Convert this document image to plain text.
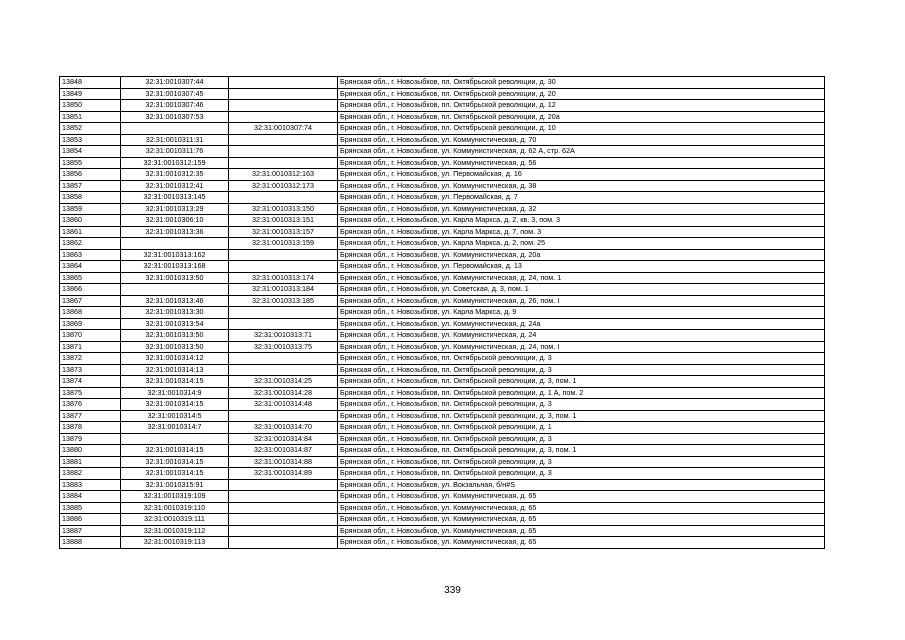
13848	32:31:0010307:44		Брянская обл., г. Новозыбков, пл. Октябрьской революции, д. 30
13849	32:31:0010307:45		Брянская обл., г. Новозыбков, пл. Октябрьской революции, д. 20
13850	32:31:0010307:46		Брянская обл., г. Новозыбков, пл. Октябрьской революции, д. 12
13851	32:31:0010307:53		Брянская обл., г. Новозыбков, пл. Октябрьской революции, д. 20а
13852		32:31:0010307:74	Брянская обл., г. Новозыбков, пл. Октябрьской революции, д. 10
13853	32:31:0010311:31		Брянская обл., г. Новозыбков, ул. Коммунистическая, д. 70
13854	32:31:0010311:76		Брянская обл., г. Новозыбков, ул. Коммунистическая, д. 62 А, стр. 62А
13855	32:31:0010312:159		Брянская обл., г. Новозыбков, ул. Коммунистическая, д. 56
13856	32:31:0010312:35	32:31:0010312:163	Брянская обл., г. Новозыбков, ул. Первомайская, д. 16
13857	32:31:0010312:41	32:31:0010312:173	Брянская обл., г. Новозыбков, ул. Коммунистическая, д. 38
13858	32:31:0010313:145		Брянская обл., г. Новозыбков, ул. Первомайская, д. 7
13859	32:31:0010313:29	32:31:0010313:150	Брянская обл., г. Новозыбков, ул. Коммунистическая, д. 32
13860	32:31:0010306:10	32:31:0010313:151	Брянская обл., г. Новозыбков, ул. Карла Маркса, д. 2, кв. 3, пом. 3
13861	32:31:0010313:36	32:31:0010313:157	Брянская обл., г. Новозыбков, ул. Карла Маркса, д. 7, пом. 3
13862		32:31:0010313:159	Брянская обл., г. Новозыбков, ул. Карла Маркса, д. 2, пом. 25
13863	32:31:0010313:162		Брянская обл., г. Новозыбков, ул. Коммунистическая, д. 20а
13864	32:31:0010313:168		Брянская обл., г. Новозыбков, ул. Первомайская, д. 13
13865	32:31:0010313:50	32:31:0010313:174	Брянская обл., г. Новозыбков, ул. Коммунистическая, д. 24, пом. 1
13866		32:31:0010313:184	Брянская обл., г. Новозыбков, ул. Советская, д. 3, пом. 1
13867	32:31:0010313:46	32:31:0010313:185	Брянская обл., г. Новозыбков, ул. Коммунистическая, д. 26, пом. I
13868	32:31:0010313:30		Брянская обл., г. Новозыбков, ул. Карла Маркса, д. 9
13869	32:31:0010313:54		Брянская обл., г. Новозыбков, ул. Коммунистическая, д. 24а
13870	32:31:0010313:50	32:31:0010313:71	Брянская обл., г. Новозыбков, ул. Коммунистическая, д. 24
13871	32:31:0010313:50	32:31:0010313:75	Брянская обл., г. Новозыбков, ул. Коммунистическая, д. 24, пом. I
13872	32:31:0010314:12		Брянская обл., г. Новозыбков, пл. Октябрьской революции, д. 3
13873	32:31:0010314:13		Брянская обл., г. Новозыбков, пл. Октябрьской революции, д. 3
13874	32:31:0010314:15	32:31:0010314:25	Брянская обл., г. Новозыбков, пл. Октябрьской революции, д. 3, пом. 1
13875	32:31:0010314:9	32:31:0010314:28	Брянская обл., г. Новозыбков, пл. Октябрьской революции, д. 1 А, пом. 2
13876	32:31:0010314:15	32:31:0010314:48	Брянская обл., г. Новозыбков, пл. Октябрьской революции, д. 3
13877	32:31:0010314:5		Брянская обл., г. Новозыбков, пл. Октябрьской революции, д. 3, пом. 1
13878	32:31:0010314:7	32:31:0010314:70	Брянская обл., г. Новозыбков, пл. Октябрьской революции, д. 1
13879		32:31:0010314:84	Брянская обл., г. Новозыбков, пл. Октябрьской революции, д. 3
13880	32:31:0010314:15	32:31:0010314:87	Брянская обл., г. Новозыбков, пл. Октябрьской революции, д. 3, пом. 1
13881	32:31:0010314:15	32:31:0010314:88	Брянская обл., г. Новозыбков, пл. Октябрьской революции, д. 3
13882	32:31:0010314:15	32:31:0010314:89	Брянская обл., г. Новозыбков, пл. Октябрьской революции, д. 3
13883	32:31:0010315:91		Брянская обл., г. Новозыбков, ул. Вокзальная, б/н#S
13884	32:31:0010319:109		Брянская обл., г. Новозыбков, ул. Коммунистическая, д. 65
13885	32:31:0010319:110		Брянская обл., г. Новозыбков, ул. Коммунистическая, д. 65
13886	32:31:0010319:111		Брянская обл., г. Новозыбков, ул. Коммунистическая, д. 65
13887	32:31:0010319:112		Брянская обл., г. Новозыбков, ул. Коммунистическая, д. 65
13888	32:31:0010319:113		Брянская обл., г. Новозыбков, ул. Коммунистическая, д. 65
339
